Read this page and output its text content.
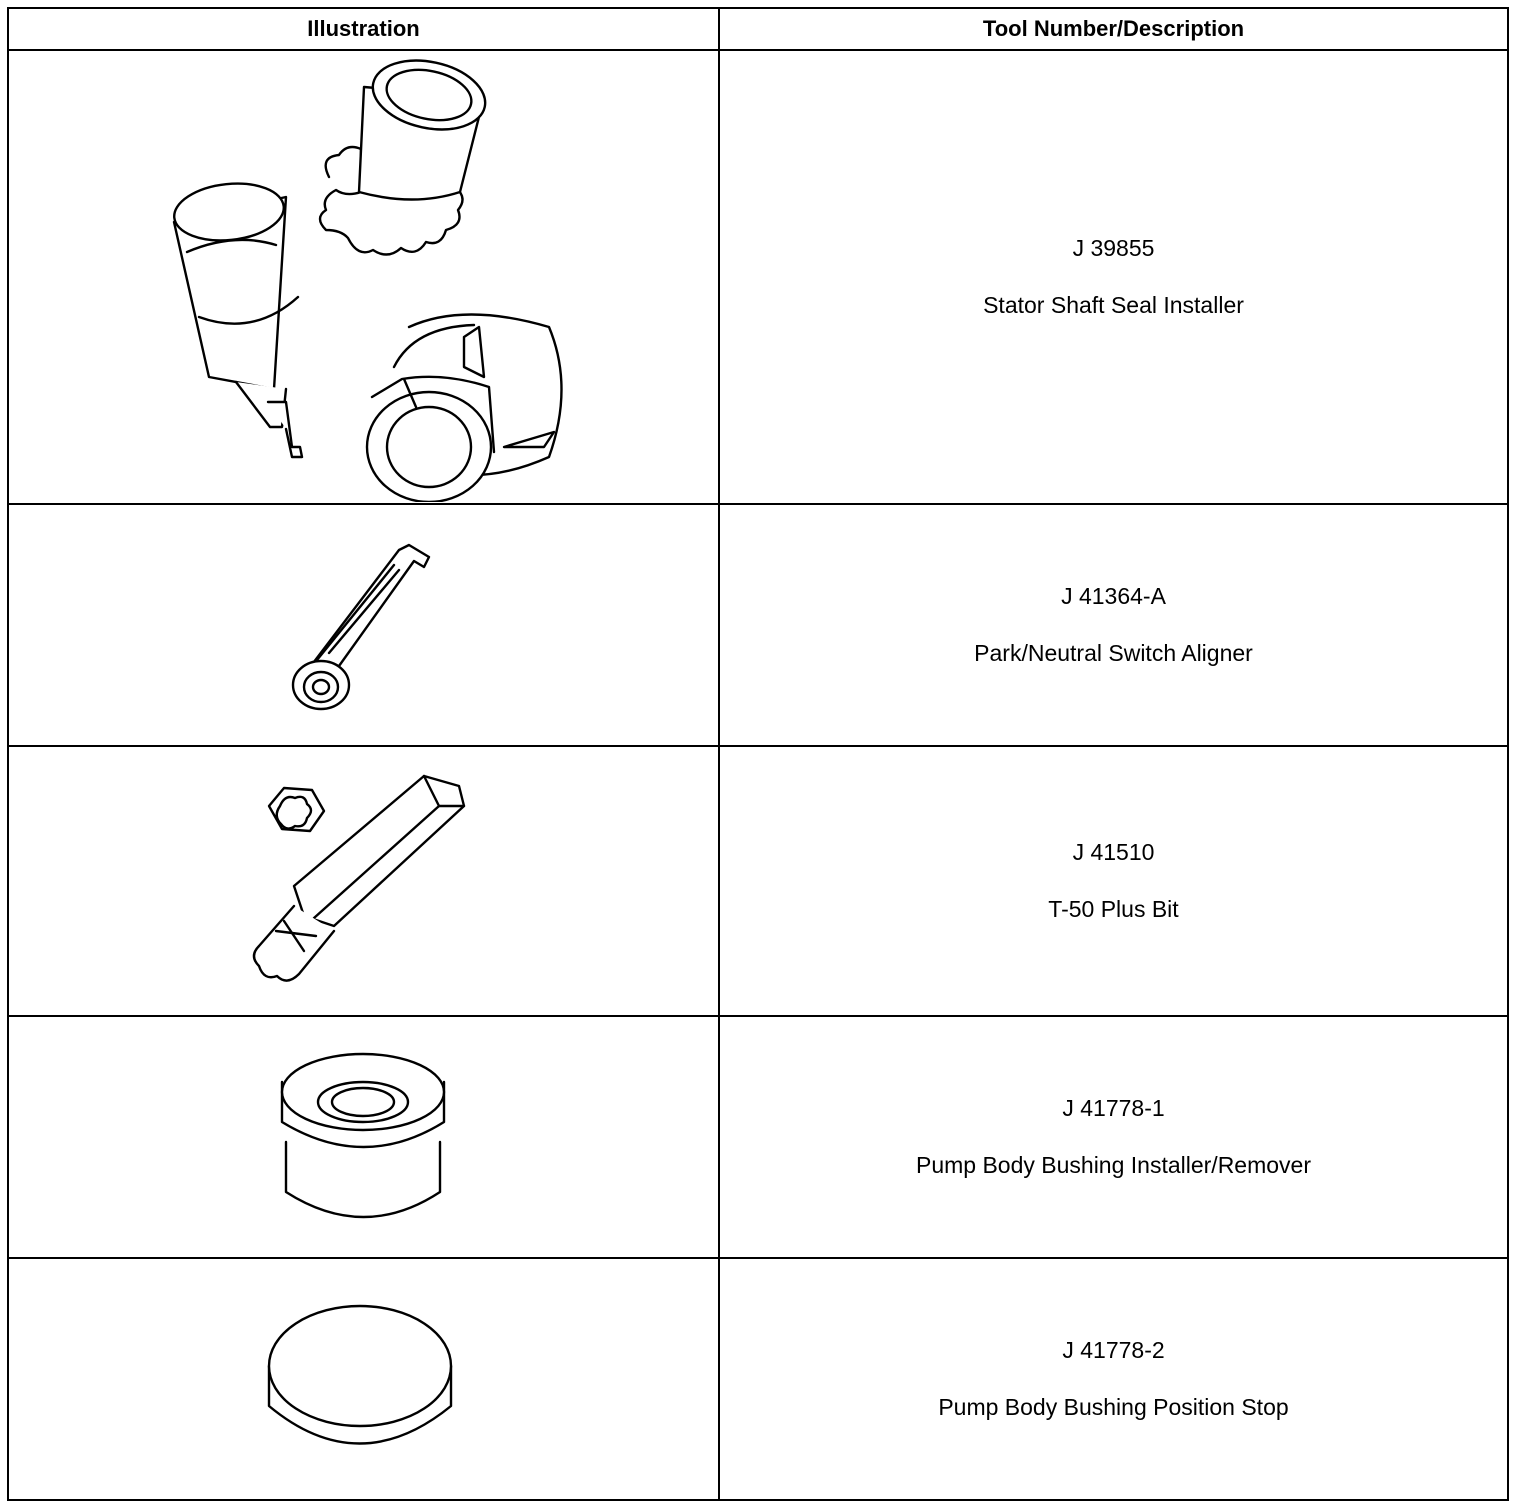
Illustration	Tool Number/Description

J 39855
Stator Shaft Seal Installer

J 41364-A
Park/Neutral Switch Aligner

J 41510
T-50 Plus Bit

J 41778-1
Pump Body Bushing Installer/Remover

J 41778-2
Pump Body Bushing Position Stop
